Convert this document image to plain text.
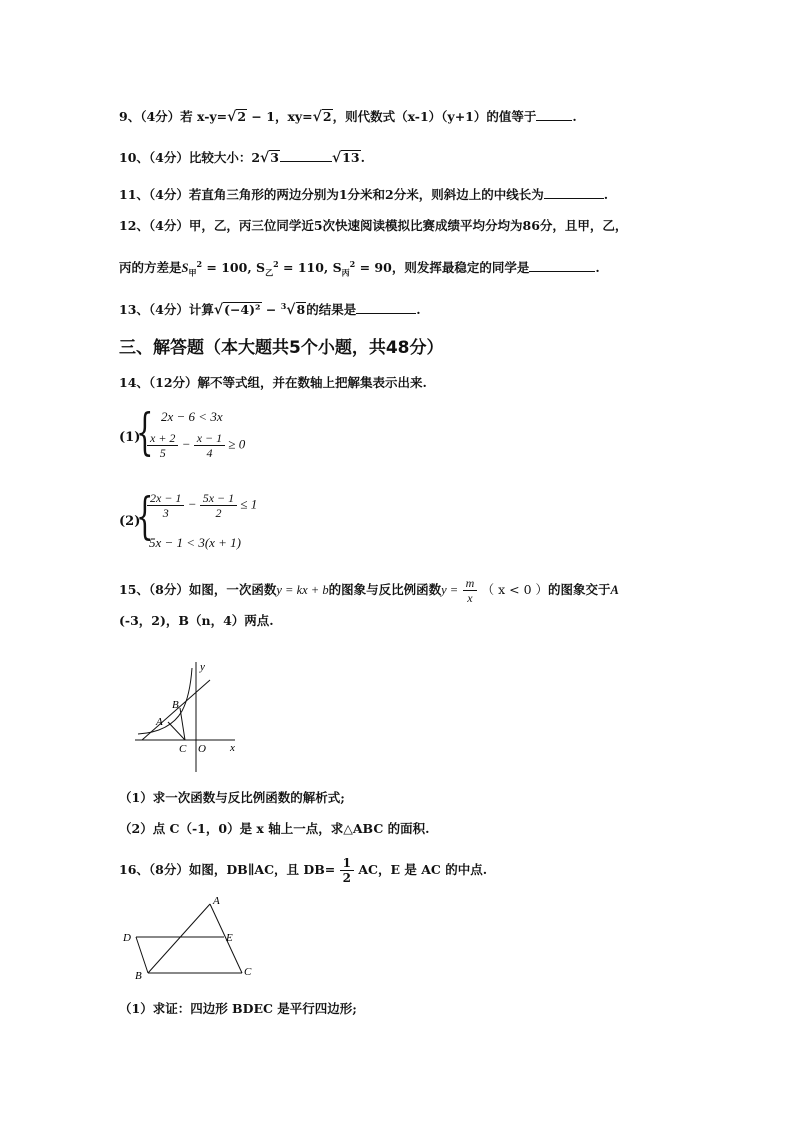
9、（4分）若 x-y=√2 − 1，xy=√2，则代数式（x-1）（y+1）的值等于	.
10、（4分）比较大小：2√3	√13.
11、（4分）若直角三角形的两边分别为1分米和2分米，则斜边上的中线长为	.
12、（4分）甲，乙，丙三位同学近5次快速阅读模拟比赛成绩平均分均为86分，且甲，乙，
丙的方差是$S_甲^2 = 100$, $S_乙^2 = 110$, $S_丙^2 = 90$，则发挥最稳定的同学是	.
13、（4分）计算√(−4)² − $^3$√8的结果是	.
三、解答题（本大题共5个小题，共48分）
14、（12分）解不等式组，并在数轴上把解集表示出来.
(1)
{ 2x − 6 < 3x
$\frac{x + 2}{5} - \frac{x - 1}{4} \ge 0$
(2)
{
$\frac{2x - 1}{3} - \frac{5x - 1}{2} \le 1$
5x − 1 < 3(x + 1)
15、（8分）如图，一次函数y = kx + b的图象与反比例函数$y = \frac{m}{x}$ （ x < 0 ）的图象交于A
(-3，2)，B（n，4）两点.
y
x
B
A
C O
（1）求一次函数与反比例函数的解析式;
（2）点 C（-1，0）是 x 轴上一点，求△ABC 的面积.
16、（8分）如图，DB∥AC，且 $DB= \frac{1}{2}$ AC，E 是 AC 的中点.
A
D	E
B	C
（1）求证：四边形 BDEC 是平行四边形;
